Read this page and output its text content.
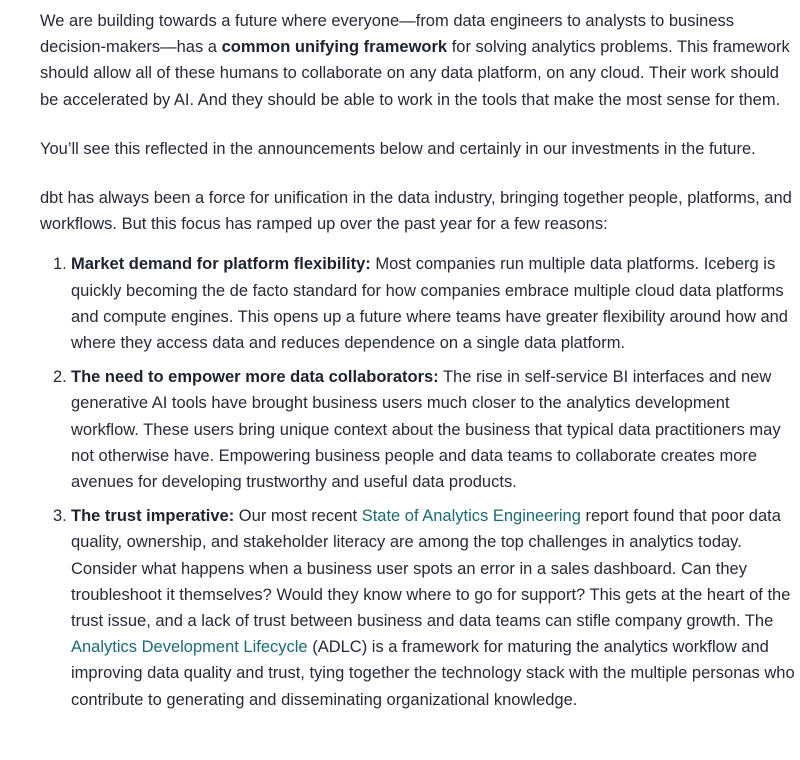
We are building towards a future where everyone—from data engineers to analysts to business decision-makers—has a common unifying framework for solving analytics problems. This framework should allow all of these humans to collaborate on any data platform, on any cloud. Their work should be accelerated by AI. And they should be able to work in the tools that make the most sense for them.

You’ll see this reflected in the announcements below and certainly in our investments in the future.

dbt has always been a force for unification in the data industry, bringing together people, platforms, and workflows. But this focus has ramped up over the past year for a few reasons:

1. Market demand for platform flexibility: Most companies run multiple data platforms. Iceberg is quickly becoming the de facto standard for how companies embrace multiple cloud data platforms and compute engines. This opens up a future where teams have greater flexibility around how and where they access data and reduces dependence on a single data platform.
2. The need to empower more data collaborators: The rise in self-service BI interfaces and new generative AI tools have brought business users much closer to the analytics development workflow. These users bring unique context about the business that typical data practitioners may not otherwise have. Empowering business people and data teams to collaborate creates more avenues for developing trustworthy and useful data products.
3. The trust imperative: Our most recent State of Analytics Engineering report found that poor data quality, ownership, and stakeholder literacy are among the top challenges in analytics today. Consider what happens when a business user spots an error in a sales dashboard. Can they troubleshoot it themselves? Would they know where to go for support? This gets at the heart of the trust issue, and a lack of trust between business and data teams can stifle company growth. The Analytics Development Lifecycle (ADLC) is a framework for maturing the analytics workflow and improving data quality and trust, tying together the technology stack with the multiple personas who contribute to generating and disseminating organizational knowledge.
